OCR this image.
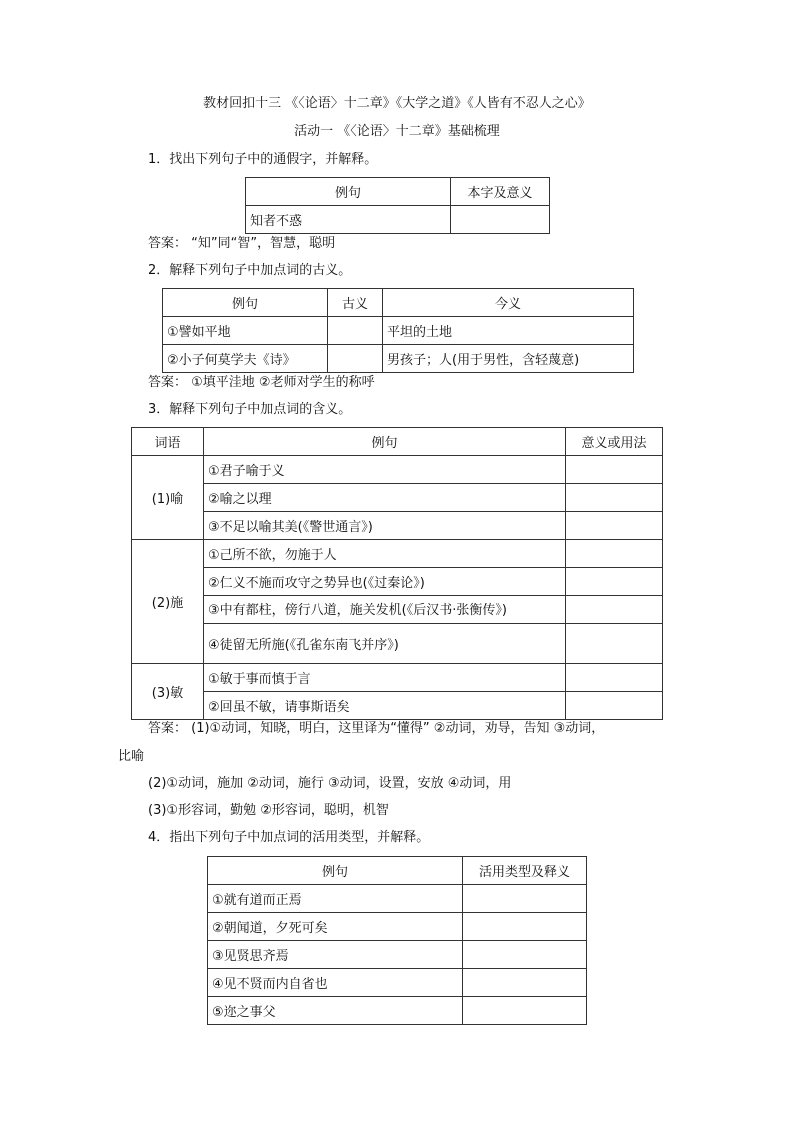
教材回扣十三 《〈论语〉十二章》《大学之道》《人皆有不忍人之心》
活动一 《〈论语〉十二章》基础梳理
1．找出下列句子中的通假字，并解释。
例句	本字及意义
知者不惑	
答案： “知”同“智”，智慧，聪明
2．解释下列句子中加点词的古义。
例句	古义	今义
①譬如平地		平坦的土地
②小子何莫学夫《诗》		男孩子；人(用于男性，含轻蔑意)
答案： ①填平洼地 ②老师对学生的称呼
3．解释下列句子中加点词的含义。
词语	例句	意义或用法
(1)喻	①君子喻于义	
	②喻之以理	
	③不足以喻其美(《警世通言》)	
(2)施	①己所不欲，勿施于人	
	②仁义不施而攻守之势异也(《过秦论》)	
	③中有都柱，傍行八道，施关发机(《后汉书·张衡传》)	
	④徒留无所施(《孔雀东南飞并序》)	
(3)敏	①敏于事而慎于言	
	②回虽不敏，请事斯语矣	
答案： (1)①动词，知晓，明白，这里译为“懂得” ②动词，劝导，告知 ③动词，
比喻
(2)①动词，施加 ②动词，施行 ③动词，设置，安放 ④动词，用
(3)①形容词，勤勉 ②形容词，聪明，机智
4．指出下列句子中加点词的活用类型，并解释。
例句	活用类型及释义
①就有道而正焉	
②朝闻道，夕死可矣	
③见贤思齐焉	
④见不贤而内自省也	
⑤迩之事父	
